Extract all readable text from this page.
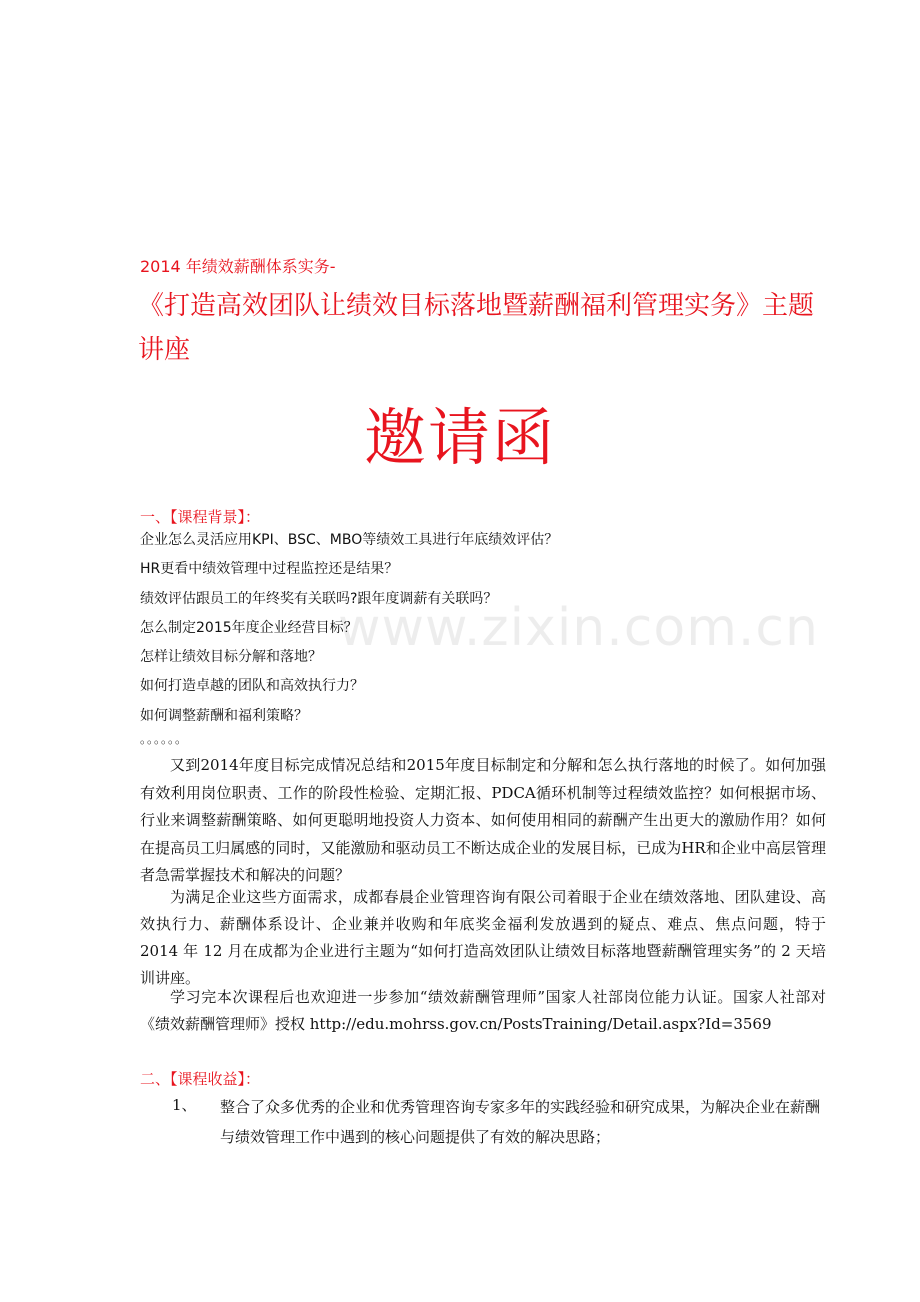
www.zixin.com.cn
2014 年绩效薪酬体系实务-
《打造高效团队让绩效目标落地暨薪酬福利管理实务》主题讲座
邀请函
一、【课程背景】：
企业怎么灵活应用KPI、BSC、MBO等绩效工具进行年底绩效评估？
HR更看中绩效管理中过程监控还是结果？
绩效评估跟员工的年终奖有关联吗?跟年度调薪有关联吗？
怎么制定2015年度企业经营目标？
怎样让绩效目标分解和落地？
如何打造卓越的团队和高效执行力？
如何调整薪酬和福利策略？
。。。。。。

又到2014年度目标完成情况总结和2015年度目标制定和分解和怎么执行落地的时候了。如何加强有效利用岗位职责、工作的阶段性检验、定期汇报、PDCA循环机制等过程绩效监控？如何根据市场、行业来调整薪酬策略、如何更聪明地投资人力资本、如何使用相同的薪酬产生出更大的激励作用？如何在提高员工归属感的同时，又能激励和驱动员工不断达成企业的发展目标，已成为HR和企业中高层管理者急需掌握技术和解决的问题？

为满足企业这些方面需求，成都春晨企业管理咨询有限公司着眼于企业在绩效落地、团队建设、高效执行力、薪酬体系设计、企业兼并收购和年底奖金福利发放遇到的疑点、难点、焦点问题，特于 2014 年 12 月在成都为企业进行主题为“如何打造高效团队让绩效目标落地暨薪酬管理实务”的 2 天培训讲座。

学习完本次课程后也欢迎进一步参加“绩效薪酬管理师”国家人社部岗位能力认证。国家人社部对《绩效薪酬管理师》授权 http://edu.mohrss.gov.cn/PostsTraining/Detail.aspx?Id=3569

二、【课程收益】：
1、 整合了众多优秀的企业和优秀管理咨询专家多年的实践经验和研究成果，为解决企业在薪酬与绩效管理工作中遇到的核心问题提供了有效的解决思路；
